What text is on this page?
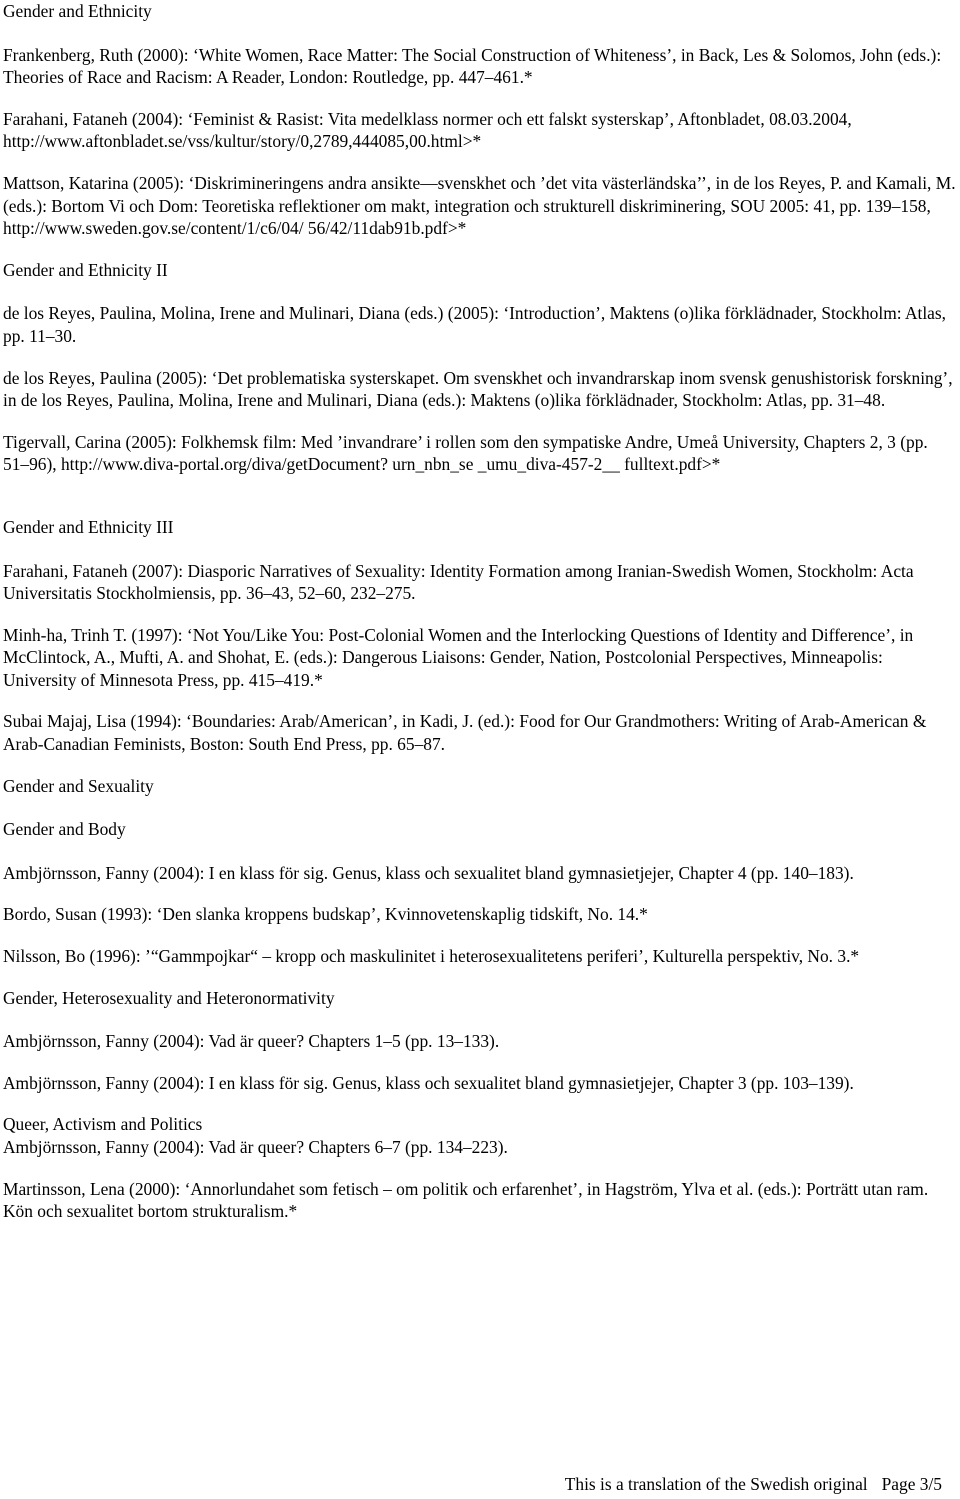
Gender and Ethnicity

Frankenberg, Ruth (2000): ‘White Women, Race Matter: The Social Construction of Whiteness’, in Back, Les & Solomos, John (eds.): Theories of Race and Racism: A Reader, London: Routledge, pp. 447–461.*

Farahani, Fataneh (2004): ‘Feminist & Rasist: Vita medelklass normer och ett falskt systerskap’, Aftonbladet, 08.03.2004, http://www.aftonbladet.se/vss/kultur/story/0,2789,444085,00.html>*

Mattson, Katarina (2005): ‘Diskrimineringens andra ansikte—svenskhet och ’det vita västerländska’’, in de los Reyes, P. and Kamali, M. (eds.): Bortom Vi och Dom: Teoretiska reflektioner om makt, integration och strukturell diskriminering, SOU 2005: 41, pp. 139–158, http://www.sweden.gov.se/content/1/c6/04/ 56/42/11dab91b.pdf>*

Gender and Ethnicity II

de los Reyes, Paulina, Molina, Irene and Mulinari, Diana (eds.) (2005): ‘Introduction’, Maktens (o)lika förklädnader, Stockholm: Atlas, pp. 11–30.

de los Reyes, Paulina (2005): ‘Det problematiska systerskapet. Om svenskhet och invandrarskap inom svensk genushistorisk forskning’, in de los Reyes, Paulina, Molina, Irene and Mulinari, Diana (eds.): Maktens (o)lika förklädnader, Stockholm: Atlas, pp. 31–48.

Tigervall, Carina (2005): Folkhemsk film: Med ’invandrare’ i rollen som den sympatiske Andre, Umeå University, Chapters 2, 3 (pp. 51–96), http://www.diva-portal.org/diva/getDocument? urn_nbn_se _umu_diva-457-2__ fulltext.pdf>*

Gender and Ethnicity III

Farahani, Fataneh (2007): Diasporic Narratives of Sexuality: Identity Formation among Iranian-Swedish Women, Stockholm: Acta Universitatis Stockholmiensis, pp. 36–43, 52–60, 232–275.

Minh-ha, Trinh T. (1997): ‘Not You/Like You: Post-Colonial Women and the Interlocking Questions of Identity and Difference’, in McClintock, A., Mufti, A. and Shohat, E. (eds.): Dangerous Liaisons: Gender, Nation, Postcolonial Perspectives, Minneapolis: University of Minnesota Press, pp. 415–419.*

Subai Majaj, Lisa (1994): ‘Boundaries: Arab/American’, in Kadi, J. (ed.): Food for Our Grandmothers: Writing of Arab-American & Arab-Canadian Feminists, Boston: South End Press, pp. 65–87.

Gender and Sexuality

Gender and Body

Ambjörnsson, Fanny (2004): I en klass för sig. Genus, klass och sexualitet bland gymnasietjejer, Chapter 4 (pp. 140–183).

Bordo, Susan (1993): ‘Den slanka kroppens budskap’, Kvinnovetenskaplig tidskift, No. 14.*

Nilsson, Bo (1996): ’“Gammpojkar“ – kropp och maskulinitet i heterosexualitetens periferi’, Kulturella perspektiv, No. 3.*

Gender, Heterosexuality and Heteronormativity

Ambjörnsson, Fanny (2004): Vad är queer? Chapters 1–5 (pp. 13–133).

Ambjörnsson, Fanny (2004): I en klass för sig. Genus, klass och sexualitet bland gymnasietjejer, Chapter 3 (pp. 103–139).

Queer, Activism and Politics

Ambjörnsson, Fanny (2004): Vad är queer? Chapters 6–7 (pp. 134–223).

Martinsson, Lena (2000): ‘Annorlundahet som fetisch – om politik och erfarenhet’, in Hagström, Ylva et al. (eds.): Porträtt utan ram. Kön och sexualitet bortom strukturalism.*

This is a translation of the Swedish original Page 3/5
